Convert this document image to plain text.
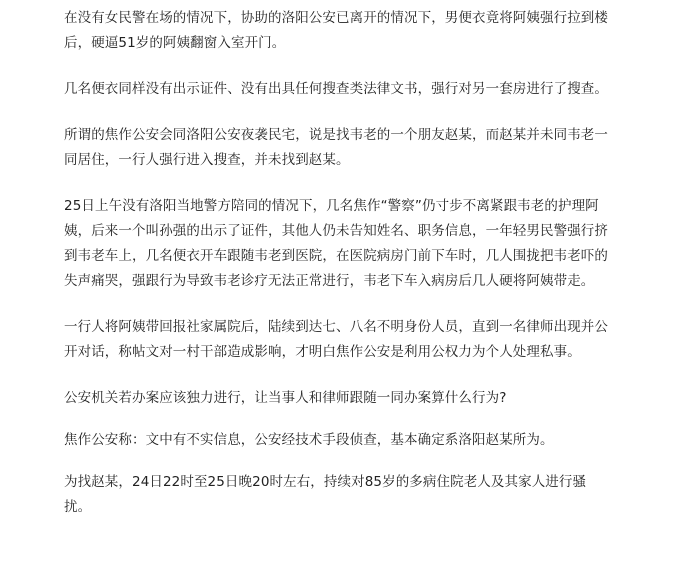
在没有女民警在场的情况下，协助的洛阳公安已离开的情况下，男便衣竟将阿姨强行拉到楼后，硬逼51岁的阿姨翻窗入室开门。

几名便衣同样没有出示证件、没有出具任何搜查类法律文书，强行对另一套房进行了搜查。

所谓的焦作公安会同洛阳公安夜袭民宅，说是找韦老的一个朋友赵某，而赵某并未同韦老一同居住，一行人强行进入搜查，并未找到赵某。

25日上午没有洛阳当地警方陪同的情况下，几名焦作“警察”仍寸步不离紧跟韦老的护理阿姨，后来一个叫孙强的出示了证件，其他人仍未告知姓名、职务信息，一年轻男民警强行挤到韦老车上，几名便衣开车跟随韦老到医院，在医院病房门前下车时，几人围拢把韦老吓的失声痛哭，强跟行为导致韦老诊疗无法正常进行，韦老下车入病房后几人硬将阿姨带走。

一行人将阿姨带回报社家属院后，陆续到达七、八名不明身份人员，直到一名律师出现并公开对话，称帖文对一村干部造成影响，才明白焦作公安是利用公权力为个人处理私事。

公安机关若办案应该独力进行，让当事人和律师跟随一同办案算什么行为?

焦作公安称：文中有不实信息，公安经技术手段侦查，基本确定系洛阳赵某所为。

为找赵某，24日22时至25日晚20时左右，持续对85岁的多病住院老人及其家人进行骚扰。
